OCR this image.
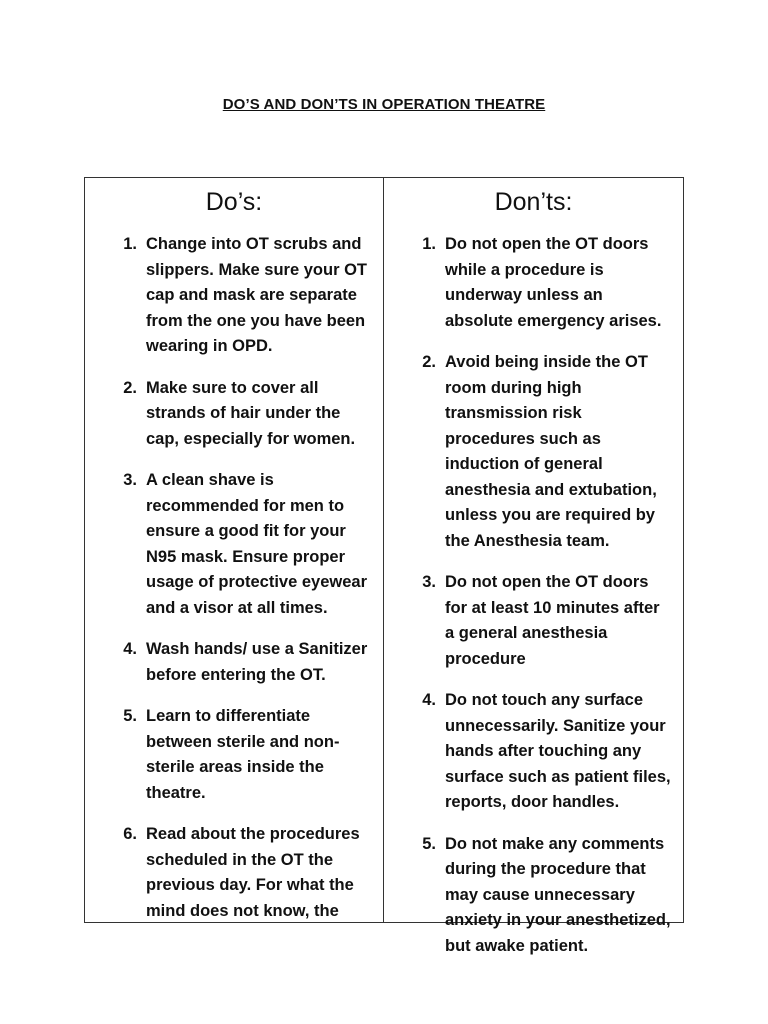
DO’S AND DON’TS IN OPERATION THEATRE
Do’s:
1. Change into OT scrubs and slippers. Make sure your OT cap and mask are separate from the one you have been wearing in OPD.
2. Make sure to cover all strands of hair under the cap, especially for women.
3. A clean shave is recommended for men to ensure a good fit for your N95 mask. Ensure proper usage of protective eyewear and a visor at all times.
4. Wash hands/ use a Sanitizer before entering the OT.
5. Learn to differentiate between sterile and non-sterile areas inside the theatre.
6. Read about the procedures scheduled in the OT the previous day. For what the mind does not know, the
Don’ts:
1. Do not open the OT doors while a procedure is underway unless an absolute emergency arises.
2. Avoid being inside the OT room during high transmission risk procedures such as induction of general anesthesia and extubation, unless you are required by the Anesthesia team.
3. Do not open the OT doors for at least 10 minutes after a general anesthesia procedure
4. Do not touch any surface unnecessarily. Sanitize your hands after touching any surface such as patient files, reports, door handles.
5. Do not make any comments during the procedure that may cause unnecessary anxiety in your anesthetized, but awake patient.
